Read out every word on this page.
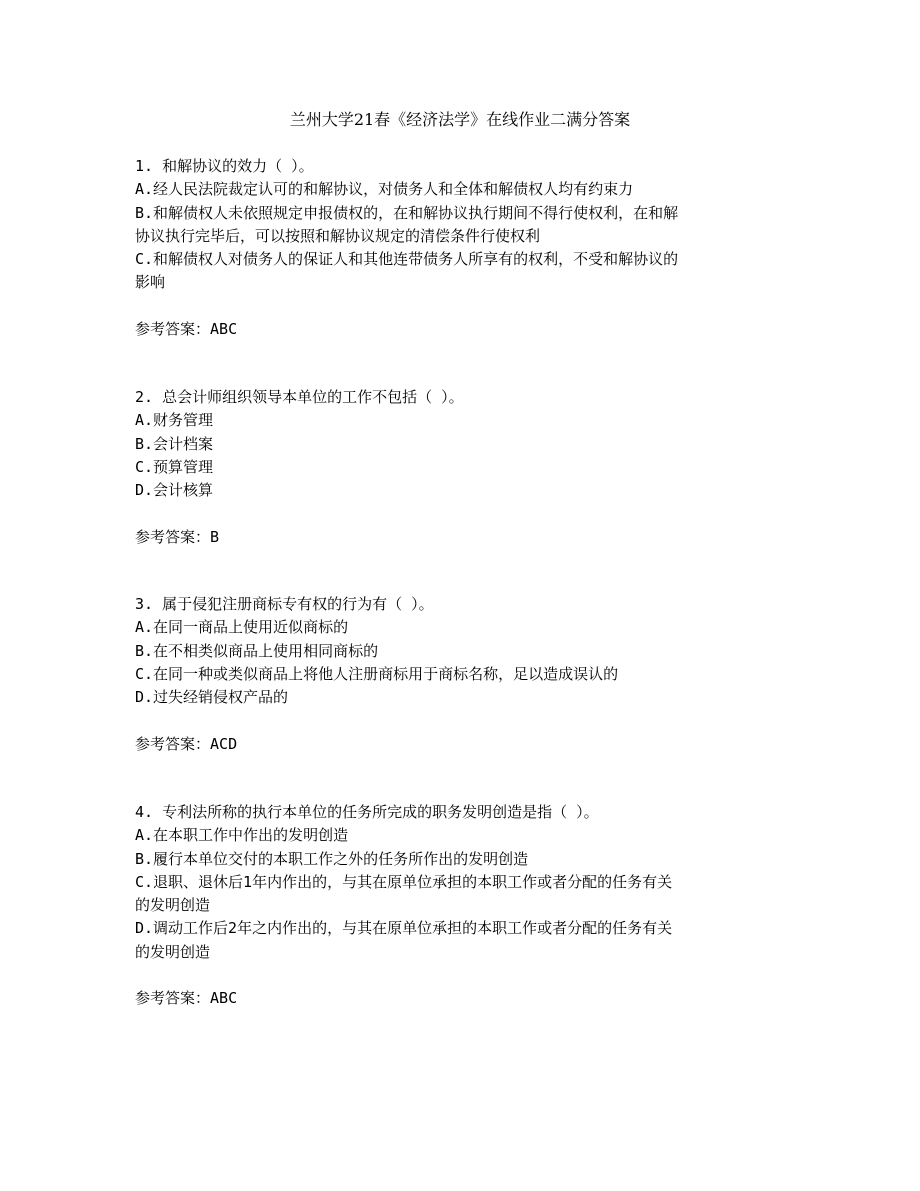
兰州大学21春《经济法学》在线作业二满分答案
1. 和解协议的效力（ ）。
A.经人民法院裁定认可的和解协议，对债务人和全体和解债权人均有约束力
B.和解债权人未依照规定申报债权的，在和解协议执行期间不得行使权利，在和解
协议执行完毕后，可以按照和解协议规定的清偿条件行使权利
C.和解债权人对债务人的保证人和其他连带债务人所享有的权利，不受和解协议的
影响
参考答案：ABC
2. 总会计师组织领导本单位的工作不包括（ ）。
A.财务管理
B.会计档案
C.预算管理
D.会计核算
参考答案：B
3. 属于侵犯注册商标专有权的行为有（ ）。
A.在同一商品上使用近似商标的
B.在不相类似商品上使用相同商标的
C.在同一种或类似商品上将他人注册商标用于商标名称，足以造成误认的
D.过失经销侵权产品的
参考答案：ACD
4. 专利法所称的执行本单位的任务所完成的职务发明创造是指（ ）。
A.在本职工作中作出的发明创造
B.履行本单位交付的本职工作之外的任务所作出的发明创造
C.退职、退休后1年内作出的，与其在原单位承担的本职工作或者分配的任务有关
的发明创造
D.调动工作后2年之内作出的，与其在原单位承担的本职工作或者分配的任务有关
的发明创造
参考答案：ABC
